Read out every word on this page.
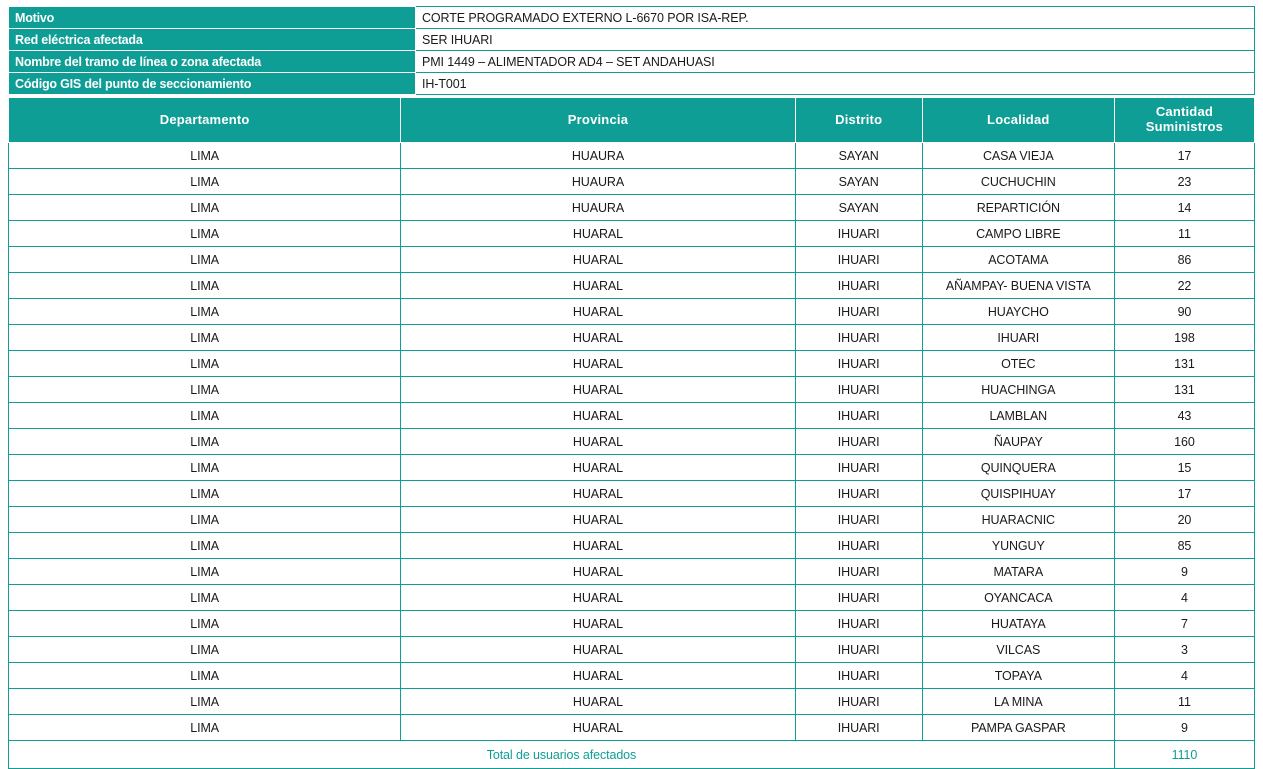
Motivo	CORTE PROGRAMADO EXTERNO L-6670 POR ISA-REP.
Red eléctrica afectada	SER IHUARI
Nombre del tramo de línea o zona afectada	PMI 1449 – ALIMENTADOR AD4 – SET ANDAHUASI
Código GIS del punto de seccionamiento	IH-T001
Departamento	Provincia	Distrito	Localidad	Cantidad Suministros
LIMA	HUAURA	SAYAN	CASA VIEJA	17
LIMA	HUAURA	SAYAN	CUCHUCHIN	23
LIMA	HUAURA	SAYAN	REPARTICIÓN	14
LIMA	HUARAL	IHUARI	CAMPO LIBRE	11
LIMA	HUARAL	IHUARI	ACOTAMA	86
LIMA	HUARAL	IHUARI	AÑAMPAY- BUENA VISTA	22
LIMA	HUARAL	IHUARI	HUAYCHO	90
LIMA	HUARAL	IHUARI	IHUARI	198
LIMA	HUARAL	IHUARI	OTEC	131
LIMA	HUARAL	IHUARI	HUACHINGA	131
LIMA	HUARAL	IHUARI	LAMBLAN	43
LIMA	HUARAL	IHUARI	ÑAUPAY	160
LIMA	HUARAL	IHUARI	QUINQUERA	15
LIMA	HUARAL	IHUARI	QUISPIHUAY	17
LIMA	HUARAL	IHUARI	HUARACNIC	20
LIMA	HUARAL	IHUARI	YUNGUY	85
LIMA	HUARAL	IHUARI	MATARA	9
LIMA	HUARAL	IHUARI	OYANCACA	4
LIMA	HUARAL	IHUARI	HUATAYA	7
LIMA	HUARAL	IHUARI	VILCAS	3
LIMA	HUARAL	IHUARI	TOPAYA	4
LIMA	HUARAL	IHUARI	LA MINA	11
LIMA	HUARAL	IHUARI	PAMPA GASPAR	9
Total de usuarios afectados				1110
